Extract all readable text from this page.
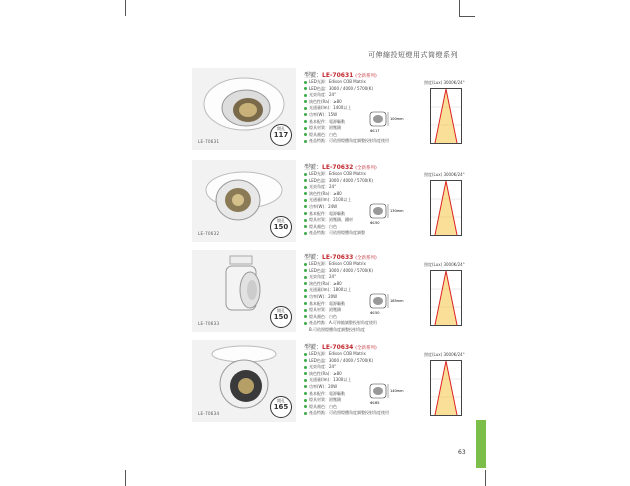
可伸縮投短燈用式筒燈系列
LE-70631
開孔
117
型號：LE-70631 (全新系列)
LED光源：Edison COB Matrix
LED色溫：3000 / 4000 / 5700(K)
光束角度：24°
演色性(Ra)：≥80
光通量(lm)：1400以上
功率(W)：15W
基本配件：電源驅動
燈具材質：鋁壓鑄
燈具顏色：白色
產品特點：可依照燈體角度調整投射角度使用
100mm
Φ117
照度(Lux) 3000K/24°
LE-70632
開孔
150
型號：LE-70632 (全新系列)
LED光源：Edison COB Matrix
LED色溫：3000 / 4000 / 5700(K)
光束角度：24°
演色性(Ra)：≥80
光通量(lm)：2100以上
功率(W)：24W
基本配件：電源驅動
燈具材質：鋁壓鑄、鐵材
燈具顏色：白色
產品特點：可依照燈體角度調整
130mm
Φ150
照度(Lux) 3000K/24°
LE-70633
開孔
150
型號：LE-70633 (全新系列)
LED光源：Edison COB Matrix
LED色溫：3000 / 4000 / 5700(K)
光束角度：24°
演色性(Ra)：≥80
光通量(lm)：1800以上
功率(W)：20W
基本配件：電源驅動
燈具材質：鋁壓鑄
燈具顏色：白色
產品特點：A.可伸縮調整投射角度使用
B.可依照燈體角度調整投射角度
185mm
Φ150
照度(Lux) 3000K/24°
LE-70634
開孔
165
型號：LE-70634 (全新系列)
LED光源：Edison COB Matrix
LED色溫：3000 / 4000 / 5700(K)
光束角度：24°
演色性(Ra)：≥80
光通量(lm)：1300以上
功率(W)：20W
基本配件：電源驅動
燈具材質：鋁壓鑄
燈具顏色：白色
產品特點：可依照燈體角度調整投射角度使用
140mm
Φ165
照度(Lux) 3000K/24°
63
